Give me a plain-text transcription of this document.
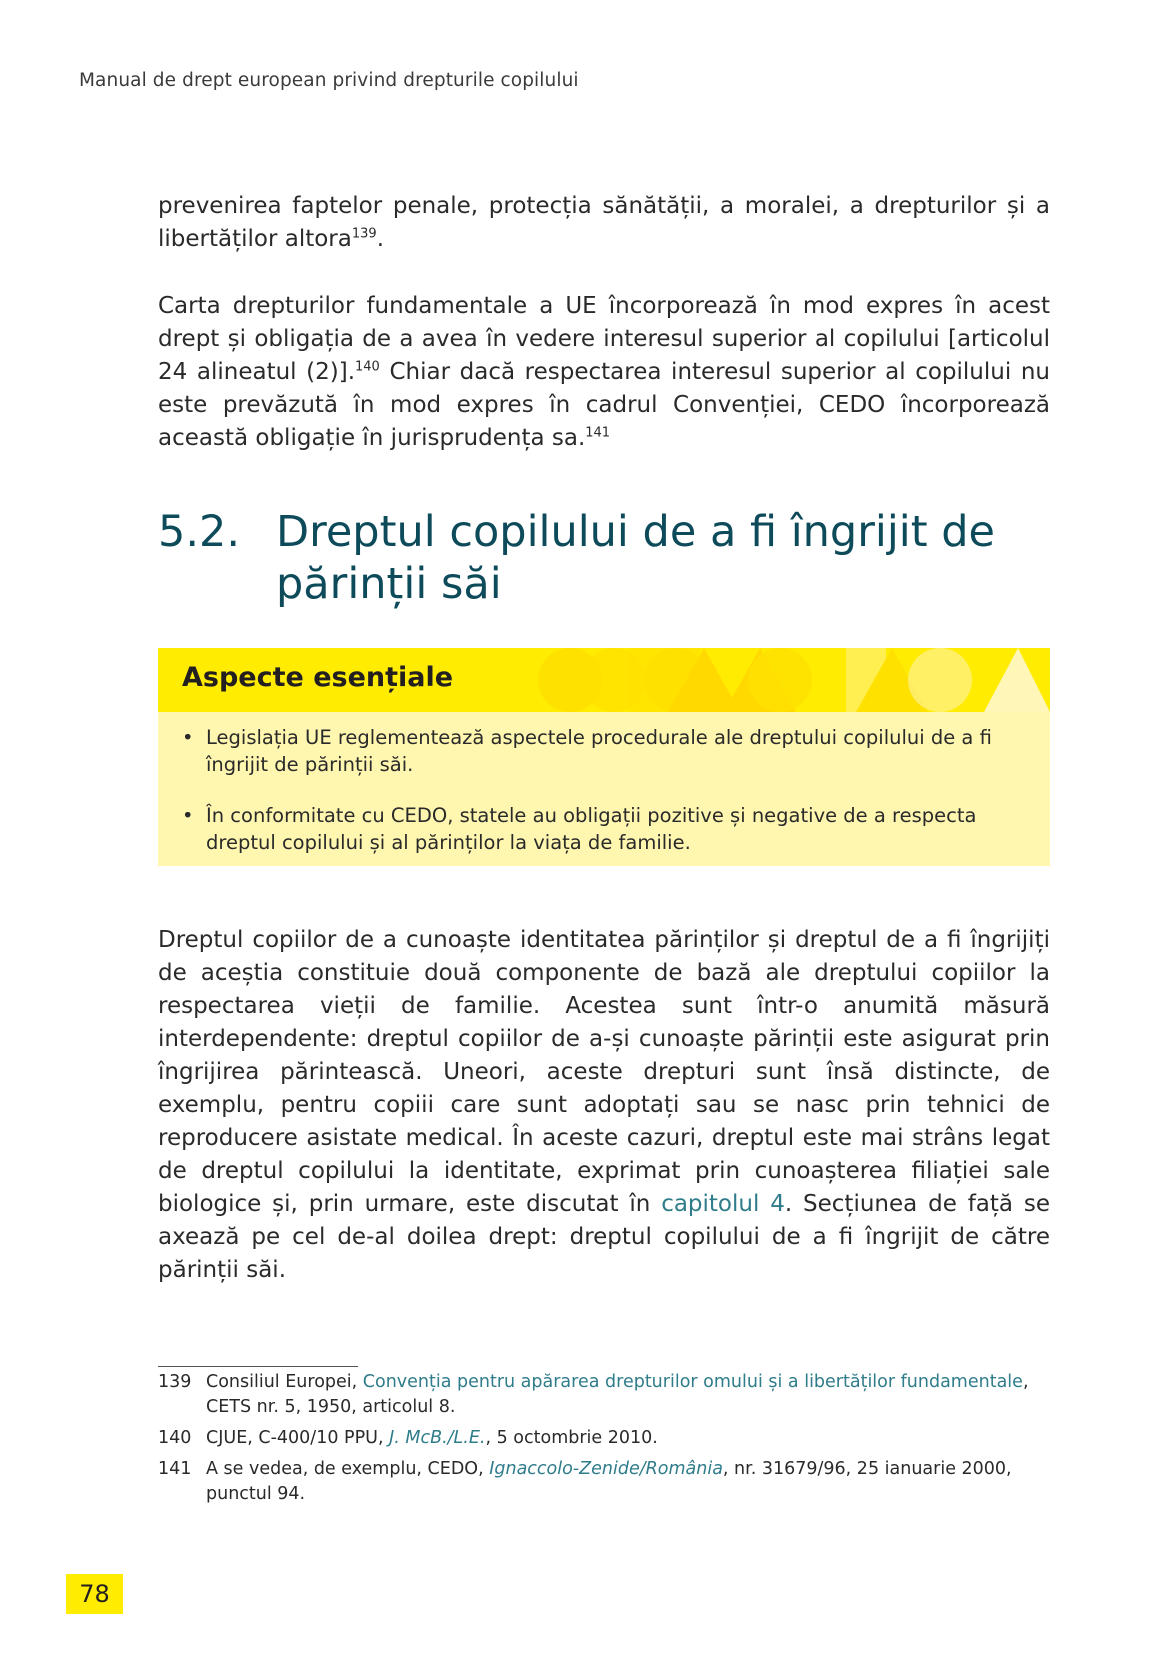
Manual de drept european privind drepturile copilului

prevenirea faptelor penale, protecția sănătății, a moralei, a drepturilor și a libertăților altora$^{139}$.

Carta drepturilor fundamentale a UE încorporează în mod expres în acest drept și obligația de a avea în vedere interesul superior al copilului [articolul 24 alineatul (2)].$^{140}$ Chiar dacă respectarea interesul superior al copilului nu este prevăzută în mod expres în cadrul Convenției, CEDO încorporează această obligație în jurisprudența sa.$^{141}$

5.2. Dreptul copilului de a fi îngrijit de părinții săi
Aspecte esențiale
• Legislația UE reglementează aspectele procedurale ale dreptului copilului de a fi îngrijit de părinții săi.
• În conformitate cu CEDO, statele au obligații pozitive și negative de a respecta dreptul copilului și al părinților la viața de familie.

Dreptul copiilor de a cunoaște identitatea părinților și dreptul de a fi îngrijiți de aceștia constituie două componente de bază ale dreptului copiilor la respectarea vieții de familie. Acestea sunt într-o anumită măsură interdependente: dreptul copiilor de a-și cunoaște părinții este asigurat prin îngrijirea părintească. Uneori, aceste drepturi sunt însă distincte, de exemplu, pentru copiii care sunt adoptați sau se nasc prin tehnici de reproducere asistate medical. În aceste cazuri, dreptul este mai strâns legat de dreptul copilului la identitate, exprimat prin cunoașterea filiației sale biologice și, prin urmare, este discutat în capitolul 4. Secțiunea de față se axează pe cel de-al doilea drept: dreptul copilului de a fi îngrijit de către părinții săi.

139 Consiliul Europei, Convenția pentru apărarea drepturilor omului și a libertăților fundamentale, CETS nr. 5, 1950, articolul 8.
140 CJUE, C-400/10 PPU, J. McB./L.E., 5 octombrie 2010.
141 A se vedea, de exemplu, CEDO, Ignaccolo-Zenide/România, nr. 31679/96, 25 ianuarie 2000, punctul 94.
78
